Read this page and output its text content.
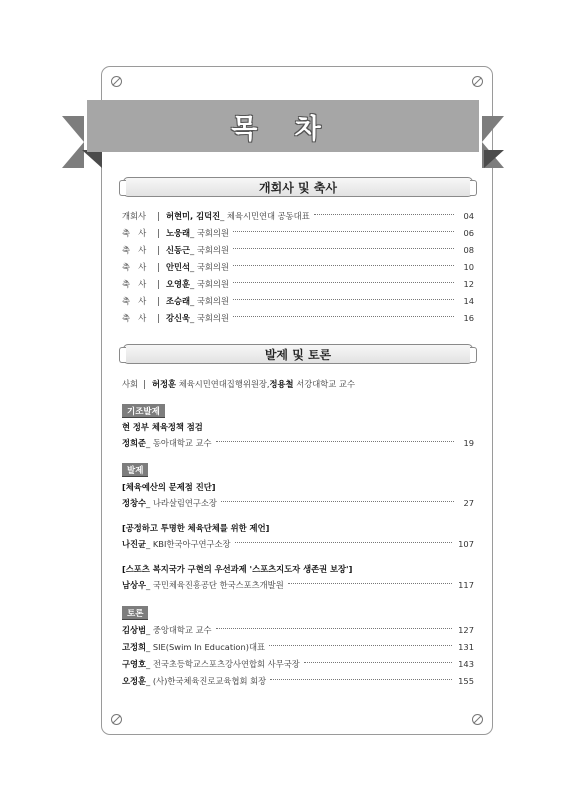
목 차
개회사 및 축사
개회사	허현미, 김덕진 _ 체육시민연대 공동대표	04
축　사	노웅래 _ 국회의원	06
축　사	신동근 _ 국회의원	08
축　사	안민석 _ 국회의원	10
축　사	오영훈 _ 국회의원	12
축　사	조승래 _ 국회의원	14
축　사	강신욱 _ 국회의원	16
발제 및 토론
사회 허정훈
체육시민연대집행위원장, 정용철
서강대학교 교수
기조발제
현 정부 체육정책 점검
정희준 _ 동아대학교 교수	19
발제
[체육예산의 문제점 진단]
정창수 _ 나라살림연구소장	27
[공정하고 투명한 체육단체를 위한 제언]
나진균 _ KBI한국아구연구소장	107
[스포츠 복지국가 구현의 우선과제 '스포츠지도자 생존권 보장']
남상우 _ 국민체육진흥공단 한국스포츠개발원	117
토론
김상범 _ 중앙대학교 교수	127
고정희 _ SIE(Swim In Education)대표	131
구영호 _ 전국초등학교스포츠강사연합회 사무국장	143
오정훈 _ (사)한국체육진로교육협회 회장	155
